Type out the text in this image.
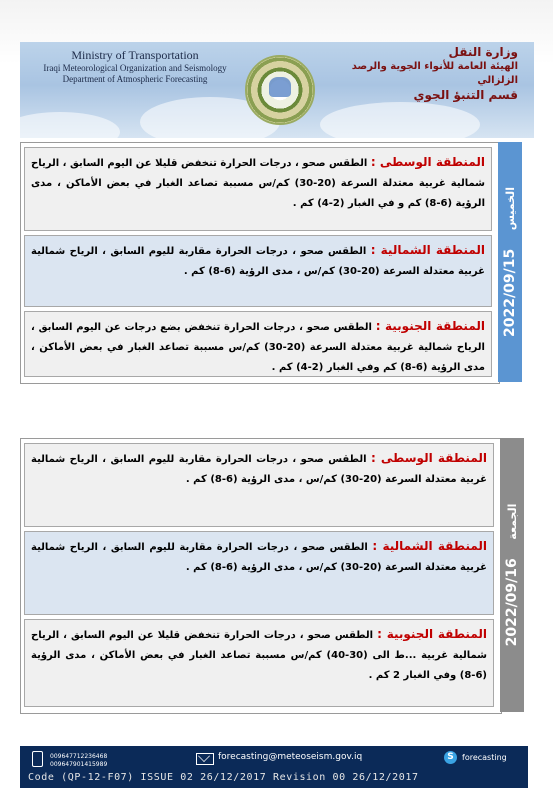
Ministry of Transportation
Iraqi Meteorological Organization and Seismology
Department of Atmospheric Forecasting
وزارة النقل
الهيئة العامة للأنواء الجوية والرصد الزلزالي
قسم التنبؤ الجوي
المنطقة الوسطى : الطقس صحو ، درجات الحرارة تنخفض قليلا عن اليوم السابق ، الرياح شمالية غربية معتدلة السرعة (20-30) كم/س مسببة تصاعد الغبار في بعض الأماكن ، مدى الرؤية (6-8) كم و في الغبار (2-4) كم .
المنطقة الشمالية : الطقس صحو ، درجات الحرارة مقاربة لليوم السابق ، الرياح شمالية غربية معتدلة السرعة (20-30) كم/س ، مدى الرؤية (6-8) كم .
المنطقة الجنوبية : الطقس صحو ، درجات الحرارة تنخفض بضع درجات عن اليوم السابق ، الرياح شمالية غربية معتدلة السرعة (20-30) كم/س مسببة تصاعد الغبار في بعض الأماكن ، مدى الرؤية (6-8) كم وفي الغبار (2-4) كم .
2022/09/15 الخميس
المنطقة الوسطى : الطقس صحو ، درجات الحرارة مقاربة لليوم السابق ، الرياح شمالية غربية معتدلة السرعة (20-30) كم/س ، مدى الرؤية (6-8) كم .
المنطقة الشمالية : الطقس صحو ، درجات الحرارة مقاربة لليوم السابق ، الرياح شمالية غربية معتدلة السرعة (20-30) كم/س ، مدى الرؤية (6-8) كم .
المنطقة الجنوبية : الطقس صحو ، درجات الحرارة تنخفض قليلا عن اليوم السابق ، الرياح شمالية غربية ...ط الى (30-40) كم/س مسببة تصاعد الغبار في بعض الأماكن ، مدى الرؤية (6-8) وفي الغبار 2 كم .
2022/09/16 الجمعة
009647712236468
009647901415989
forecasting@meteoseism.gov.iq	S	forecasting
Code (QP-12-F07) ISSUE 02 26/12/2017 Revision 00 26/12/2017
